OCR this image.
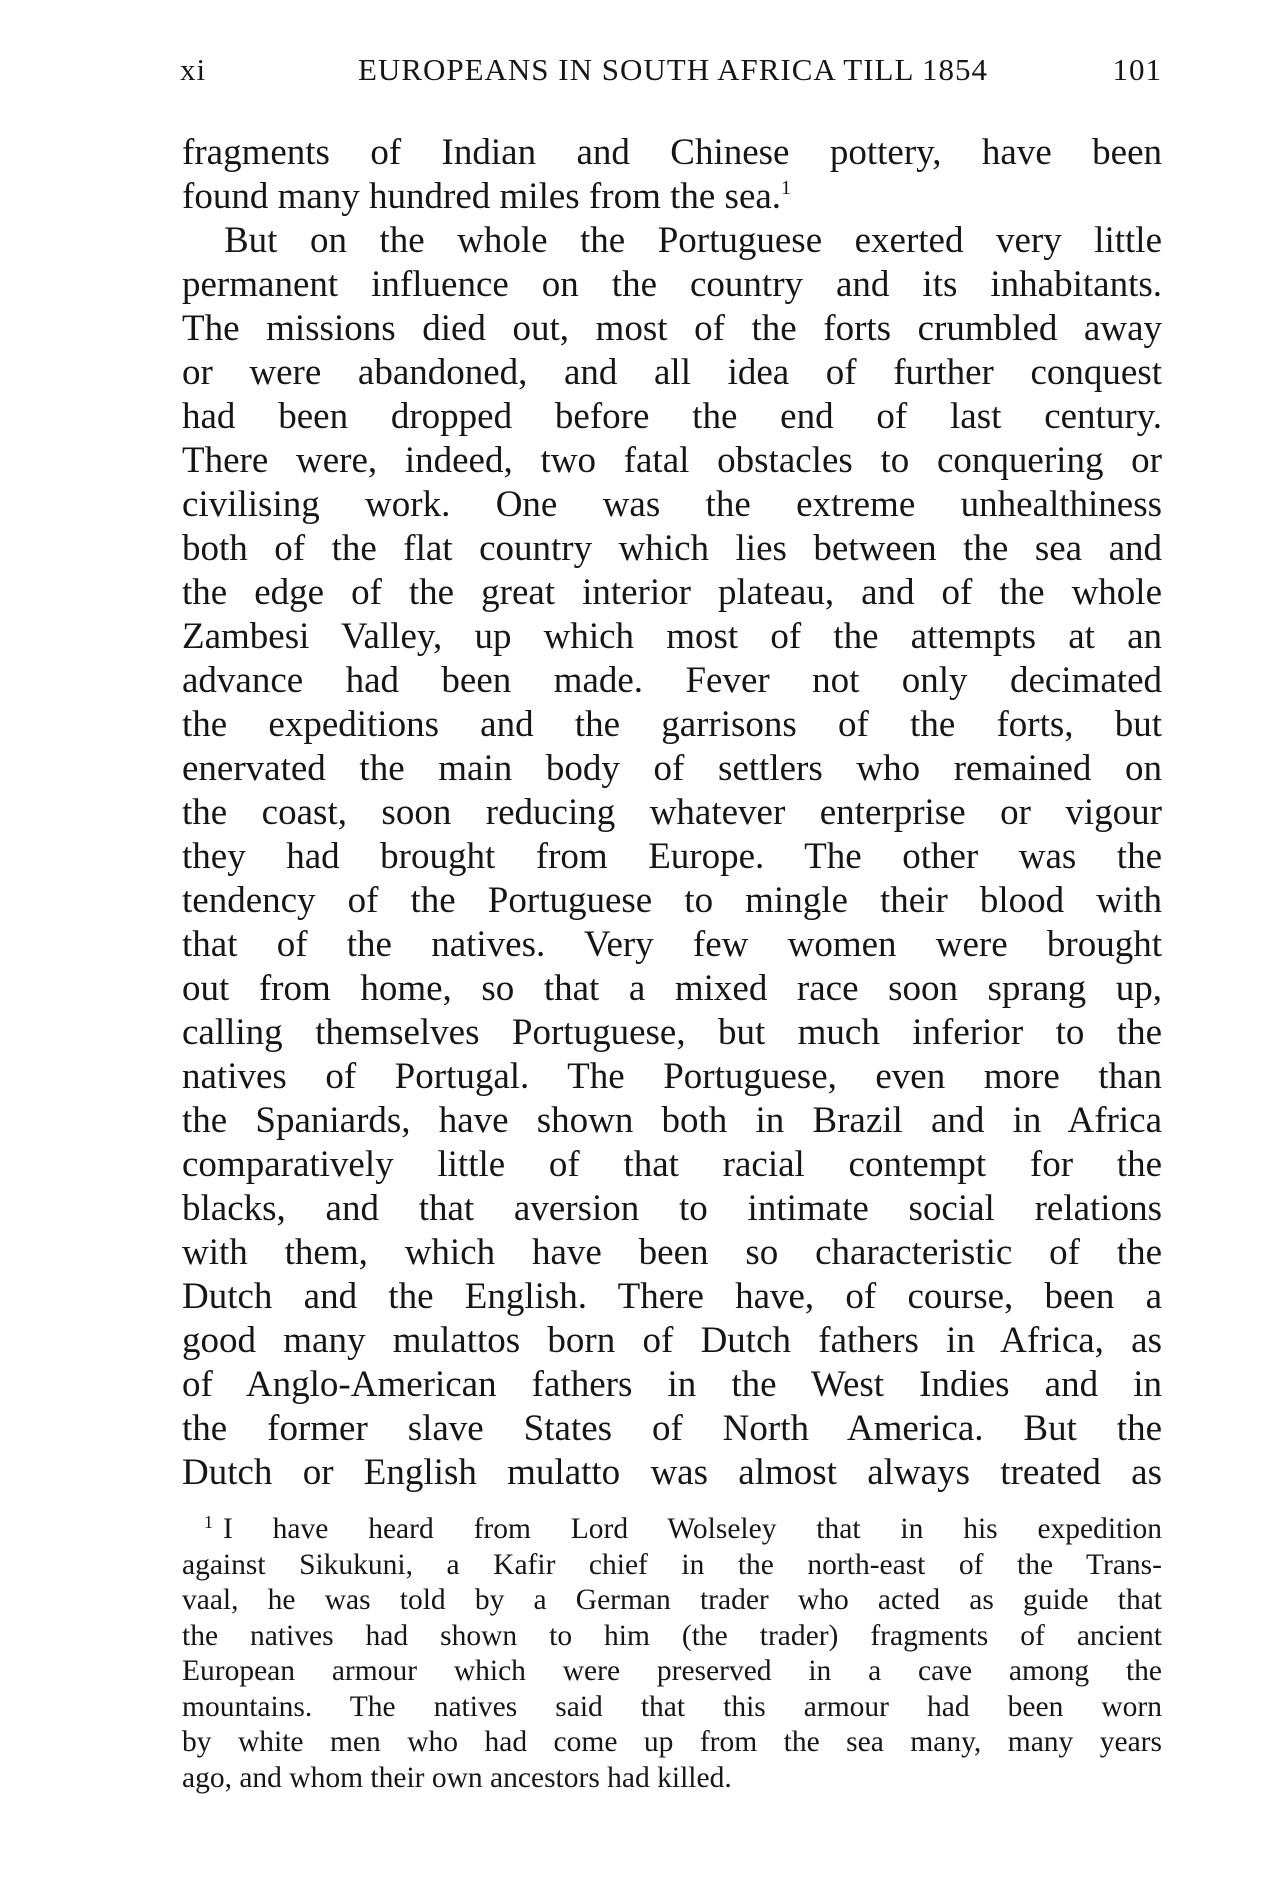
xi	EUROPEANS IN SOUTH AFRICA TILL 1854	101
fragments of Indian and Chinese pottery, have been
found many hundred miles from the sea.$^1$
But on the whole the Portuguese exerted very little
permanent influence on the country and its inhabitants.
The missions died out, most of the forts crumbled away
or were abandoned, and all idea of further conquest
had been dropped before the end of last century.
There were, indeed, two fatal obstacles to conquering or
civilising work. One was the extreme unhealthiness
both of the flat country which lies between the sea and
the edge of the great interior plateau, and of the whole
Zambesi Valley, up which most of the attempts at an
advance had been made. Fever not only decimated
the expeditions and the garrisons of the forts, but
enervated the main body of settlers who remained on
the coast, soon reducing whatever enterprise or vigour
they had brought from Europe. The other was the
tendency of the Portuguese to mingle their blood with
that of the natives. Very few women were brought
out from home, so that a mixed race soon sprang up,
calling themselves Portuguese, but much inferior to the
natives of Portugal. The Portuguese, even more than
the Spaniards, have shown both in Brazil and in Africa
comparatively little of that racial contempt for the
blacks, and that aversion to intimate social relations
with them, which have been so characteristic of the
Dutch and the English. There have, of course, been a
good many mulattos born of Dutch fathers in Africa, as
of Anglo-American fathers in the West Indies and in
the former slave States of North America. But the
Dutch or English mulatto was almost always treated as
$^1$ I have heard from Lord Wolseley that in his expedition
against Sikukuni, a Kafir chief in the north-east of the Trans-
vaal, he was told by a German trader who acted as guide that
the natives had shown to him (the trader) fragments of ancient
European armour which were preserved in a cave among the
mountains. The natives said that this armour had been worn
by white men who had come up from the sea many, many years
ago, and whom their own ancestors had killed.
